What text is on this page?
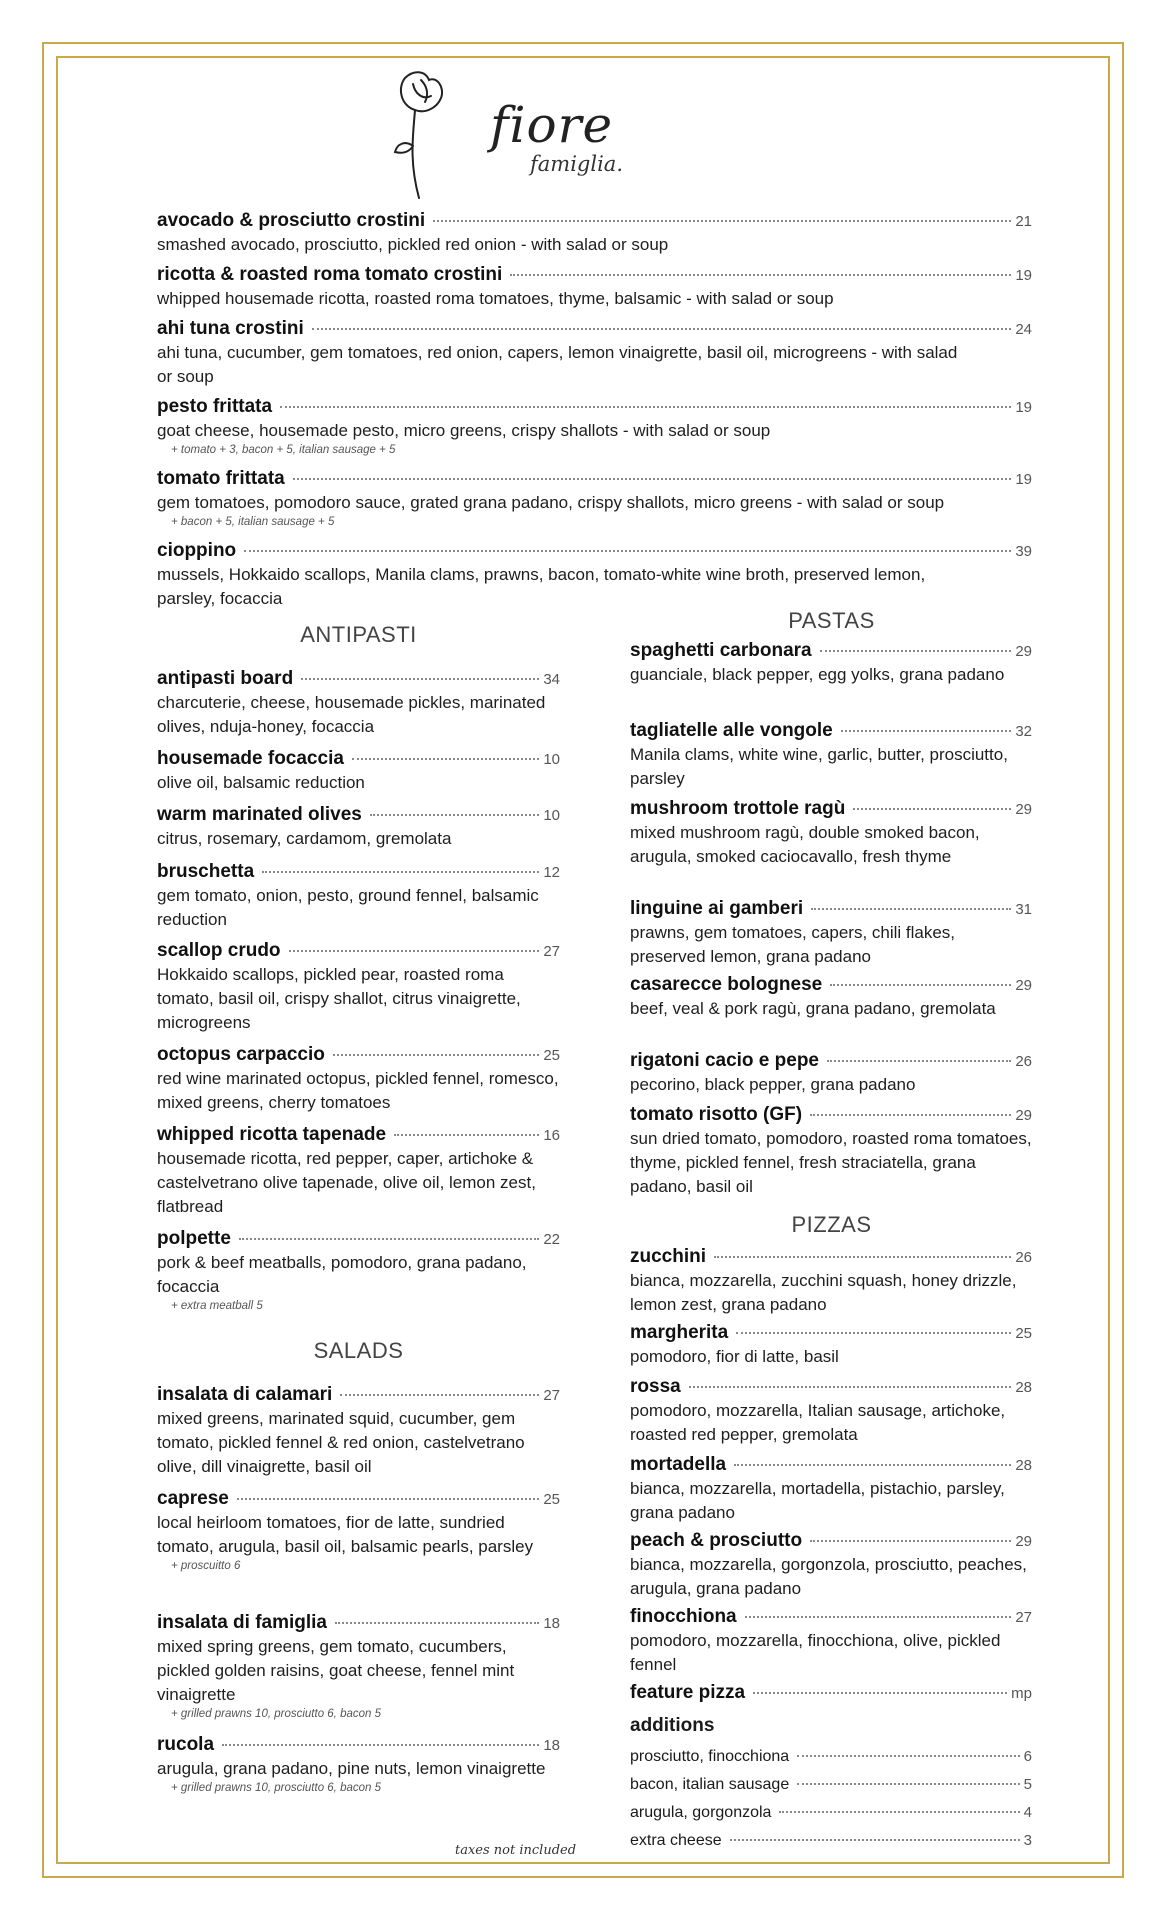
fiore
famiglia.
avocado & prosciutto crostini	21
smashed avocado, prosciutto, pickled red onion - with salad or soup
ricotta & roasted roma tomato crostini	19
whipped housemade ricotta, roasted roma tomatoes, thyme, balsamic - with salad or soup
ahi tuna crostini	24
ahi tuna, cucumber, gem tomatoes, red onion, capers, lemon vinaigrette, basil oil, microgreens - with salad or soup
pesto frittata	19
goat cheese, housemade pesto, micro greens, crispy shallots - with salad or soup
+ tomato + 3, bacon + 5, italian sausage + 5
tomato frittata	19
gem tomatoes, pomodoro sauce, grated grana padano, crispy shallots, micro greens - with salad or soup
+ bacon + 5, italian sausage + 5
cioppino	39
mussels, Hokkaido scallops, Manila clams, prawns, bacon, tomato-white wine broth, preserved lemon, parsley, focaccia
ANTIPASTI
antipasti board	34
charcuterie, cheese, housemade pickles, marinated olives, nduja-honey, focaccia
housemade focaccia	10
olive oil, balsamic reduction
warm marinated olives	10
citrus, rosemary, cardamom, gremolata
bruschetta	12
gem tomato, onion, pesto, ground fennel, balsamic reduction
scallop crudo	27
Hokkaido scallops, pickled pear, roasted roma tomato, basil oil, crispy shallot, citrus vinaigrette, microgreens
octopus carpaccio	25
red wine marinated octopus, pickled fennel, romesco, mixed greens, cherry tomatoes
whipped ricotta tapenade	16
housemade ricotta, red pepper, caper, artichoke & castelvetrano olive tapenade, olive oil, lemon zest, flatbread
polpette	22
pork & beef meatballs, pomodoro, grana padano, focaccia
+ extra meatball 5
SALADS
insalata di calamari	27
mixed greens, marinated squid, cucumber, gem tomato, pickled fennel & red onion, castelvetrano olive, dill vinaigrette, basil oil
caprese	25
local heirloom tomatoes, fior de latte, sundried tomato, arugula, basil oil, balsamic pearls, parsley
+ proscuitto 6
insalata di famiglia	18
mixed spring greens, gem tomato, cucumbers, pickled golden raisins, goat cheese, fennel mint vinaigrette
+ grilled prawns 10, prosciutto 6, bacon 5
rucola	18
arugula, grana padano, pine nuts, lemon vinaigrette
+ grilled prawns 10, prosciutto 6, bacon 5
PASTAS
spaghetti carbonara	29
guanciale, black pepper, egg yolks, grana padano
tagliatelle alle vongole	32
Manila clams, white wine, garlic, butter, prosciutto, parsley
mushroom trottole ragù	29
mixed mushroom ragù, double smoked bacon, arugula, smoked caciocavallo, fresh thyme
linguine ai gamberi	31
prawns, gem tomatoes, capers, chili flakes, preserved lemon, grana padano
casarecce bolognese	29
beef, veal & pork ragù, grana padano, gremolata
rigatoni cacio e pepe	26
pecorino, black pepper, grana padano
tomato risotto (GF)	29
sun dried tomato, pomodoro, roasted roma tomatoes, thyme, pickled fennel, fresh straciatella, grana padano, basil oil
PIZZAS
zucchini	26
bianca, mozzarella, zucchini squash, honey drizzle, lemon zest, grana padano
margherita	25
pomodoro, fior di latte, basil
rossa	28
pomodoro, mozzarella, Italian sausage, artichoke, roasted red pepper, gremolata
mortadella	28
bianca, mozzarella, mortadella, pistachio, parsley, grana padano
peach & prosciutto	29
bianca, mozzarella, gorgonzola, prosciutto, peaches, arugula, grana padano
finocchiona	27
pomodoro, mozzarella, finocchiona, olive, pickled fennel
feature pizza	mp
additions
prosciutto, finocchiona	6
bacon, italian sausage	5
arugula, gorgonzola	4
extra cheese	3
taxes not included
